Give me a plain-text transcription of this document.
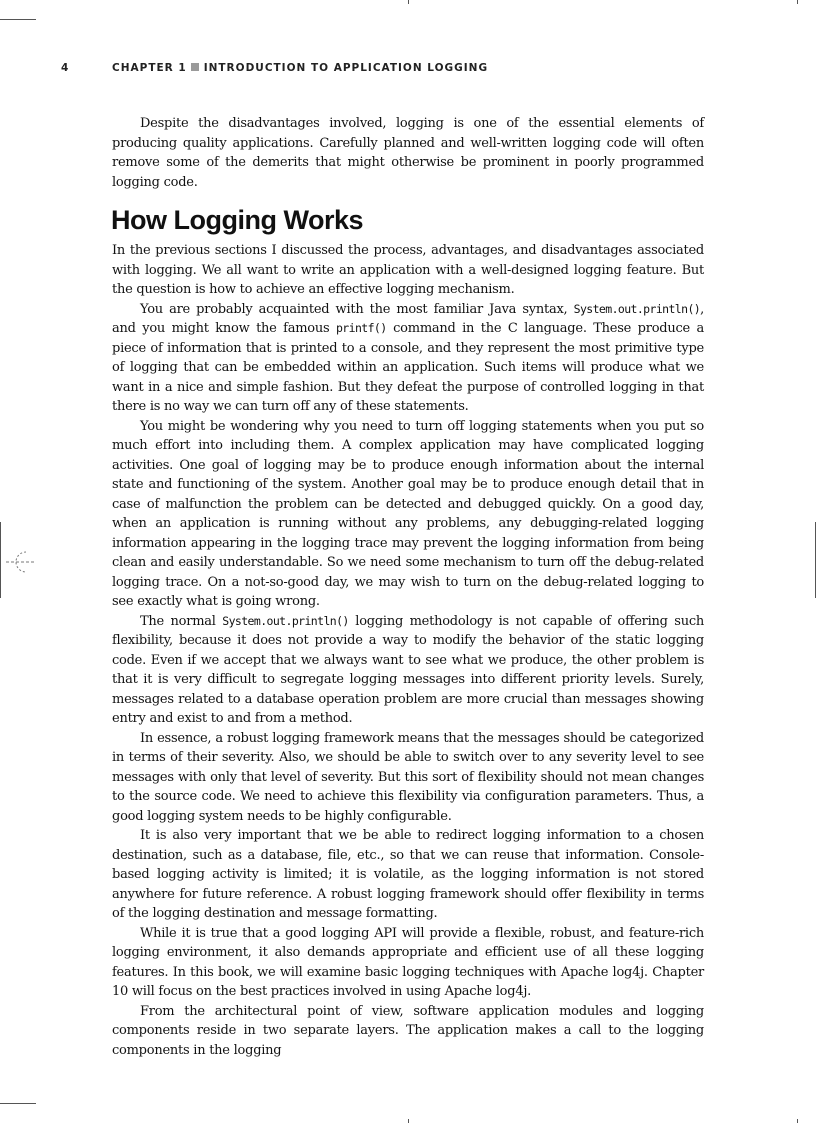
4	CHAPTER 1 INTRODUCTION TO APPLICATION LOGGING

Despite the disadvantages involved, logging is one of the essential elements of producing quality applications. Carefully planned and well-written logging code will often remove some of the demerits that might otherwise be prominent in poorly programmed logging code.

How Logging Works

In the previous sections I discussed the process, advantages, and disadvantages associated with logging. We all want to write an application with a well-designed logging feature. But the question is how to achieve an effective logging mechanism.

You are probably acquainted with the most familiar Java syntax, System.out.println(), and you might know the famous printf() command in the C language. These produce a piece of information that is printed to a console, and they represent the most primitive type of logging that can be embedded within an application. Such items will produce what we want in a nice and simple fashion. But they defeat the purpose of controlled logging in that there is no way we can turn off any of these statements.

You might be wondering why you need to turn off logging statements when you put so much effort into including them. A complex application may have complicated logging activities. One goal of logging may be to produce enough information about the internal state and functioning of the system. Another goal may be to produce enough detail that in case of malfunction the problem can be detected and debugged quickly. On a good day, when an application is running without any problems, any debugging-related logging information appearing in the logging trace may prevent the logging information from being clean and easily understandable. So we need some mechanism to turn off the debug-related logging trace. On a not-so-good day, we may wish to turn on the debug-related logging to see exactly what is going wrong.

The normal System.out.println() logging methodology is not capable of offering such flexibility, because it does not provide a way to modify the behavior of the static logging code. Even if we accept that we always want to see what we produce, the other problem is that it is very difficult to segregate logging messages into different priority levels. Surely, messages related to a database operation problem are more crucial than messages showing entry and exist to and from a method.

In essence, a robust logging framework means that the messages should be categorized in terms of their severity. Also, we should be able to switch over to any severity level to see messages with only that level of severity. But this sort of flexibility should not mean changes to the source code. We need to achieve this flexibility via configuration parameters. Thus, a good logging system needs to be highly configurable.

It is also very important that we be able to redirect logging information to a chosen destination, such as a database, file, etc., so that we can reuse that information. Console-based logging activity is limited; it is volatile, as the logging information is not stored anywhere for future reference. A robust logging framework should offer flexibility in terms of the logging destination and message formatting.

While it is true that a good logging API will provide a flexible, robust, and feature-rich logging environment, it also demands appropriate and efficient use of all these logging features. In this book, we will examine basic logging techniques with Apache log4j. Chapter 10 will focus on the best practices involved in using Apache log4j.

From the architectural point of view, software application modules and logging components reside in two separate layers. The application makes a call to the logging components in the logging
